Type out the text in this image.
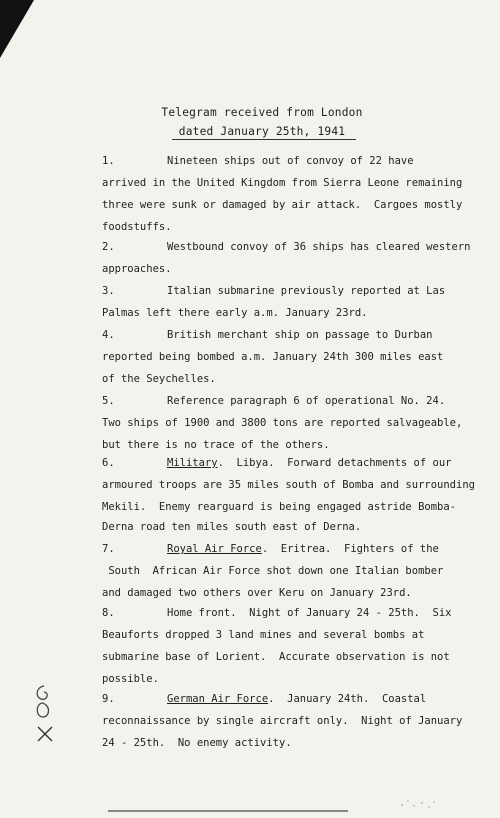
Telegram received from London
dated January 25th, 1941
1.	Nineteen ships out of convoy of 22 have
arrived in the United Kingdom from Sierra Leone remaining
three were sunk or damaged by air attack.  Cargoes mostly
foodstuffs.
2.	Westbound convoy of 36 ships has cleared western
approaches.
3.	Italian submarine previously reported at Las
Palmas left there early a.m. January 23rd.
4.	British merchant ship on passage to Durban
reported being bombed a.m. January 24th 300 miles east
of the Seychelles.
5.	Reference paragraph 6 of operational No. 24.
Two ships of 1900 and 3800 tons are reported salvageable,
but there is no trace of the others.
6.	Military.  Libya.  Forward detachments of our
armoured troops are 35 miles south of Bomba and surrounding
Mekili.  Enemy rearguard is being engaged astride Bomba-
Derna road ten miles south east of Derna.
7.	Royal Air Force.  Eritrea.  Fighters of the
South  African Air Force shot down one Italian bomber
and damaged two others over Keru on January 23rd.
8.	Home front.  Night of January 24 - 25th.  Six
Beauforts dropped 3 land mines and several bombs at
submarine base of Lorient.  Accurate observation is not
possible.
9.	German Air Force.  January 24th.  Coastal
reconnaissance by single aircraft only.  Night of January
24 - 25th.  No enemy activity.
